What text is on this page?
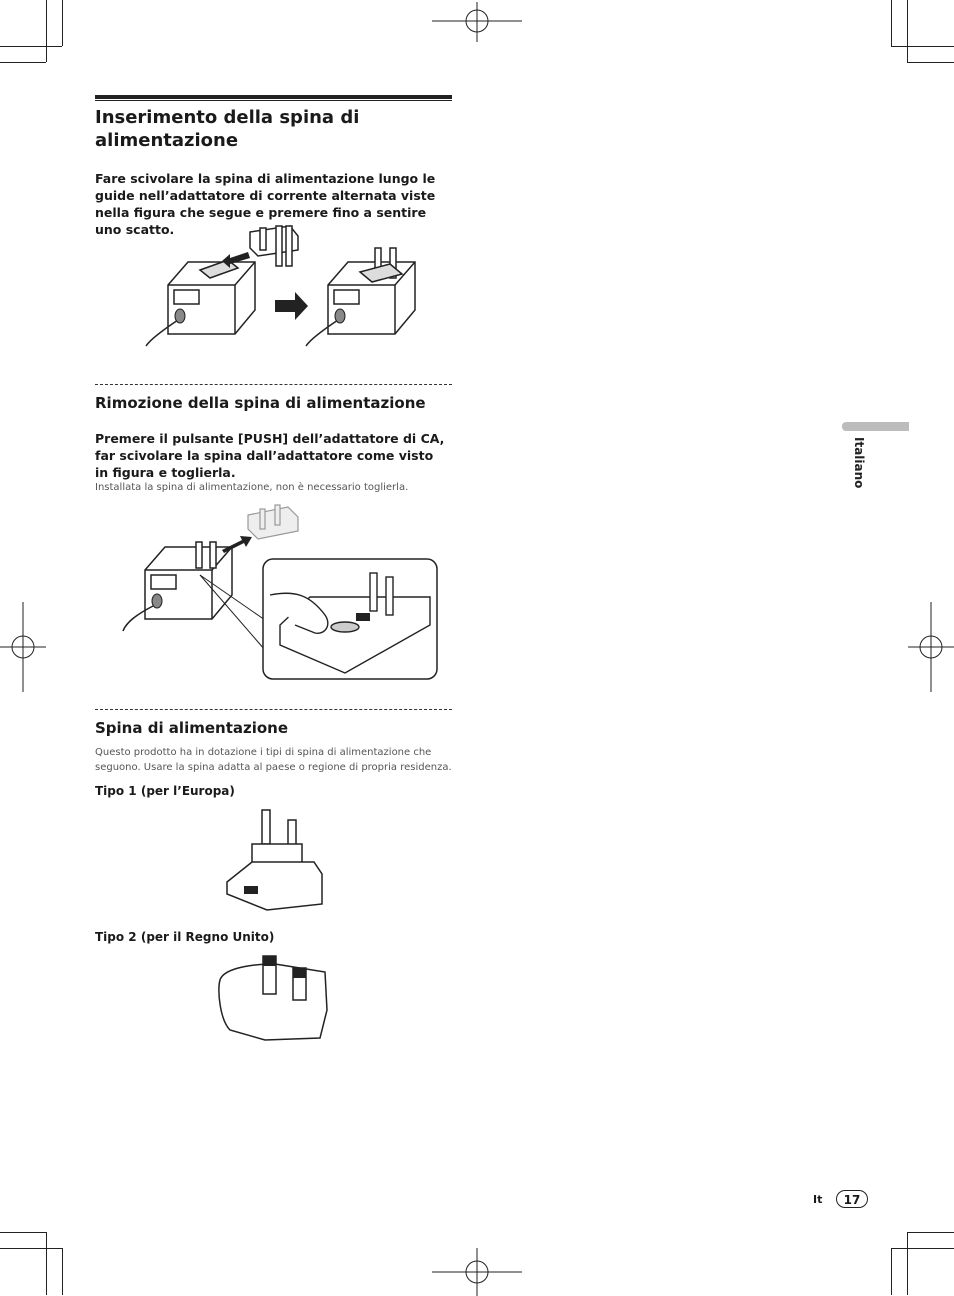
Inserimento della spina di alimentazione

Fare scivolare la spina di alimentazione lungo le guide nell’adattatore di corrente alternata viste nella figura che segue e premere fino a sentire uno scatto.

Rimozione della spina di alimentazione

Premere il pulsante [PUSH] dell’adattatore di CA, far scivolare la spina dall’adattatore come visto in figura e toglierla.

Installata la spina di alimentazione, non è necessario toglierla.

Spina di alimentazione

Questo prodotto ha in dotazione i tipi di spina di alimentazione che seguono. Usare la spina adatta al paese o regione di propria residenza.

Tipo 1 (per l’Europa)
Tipo 2 (per il Regno Unito)
Italiano
It	17
